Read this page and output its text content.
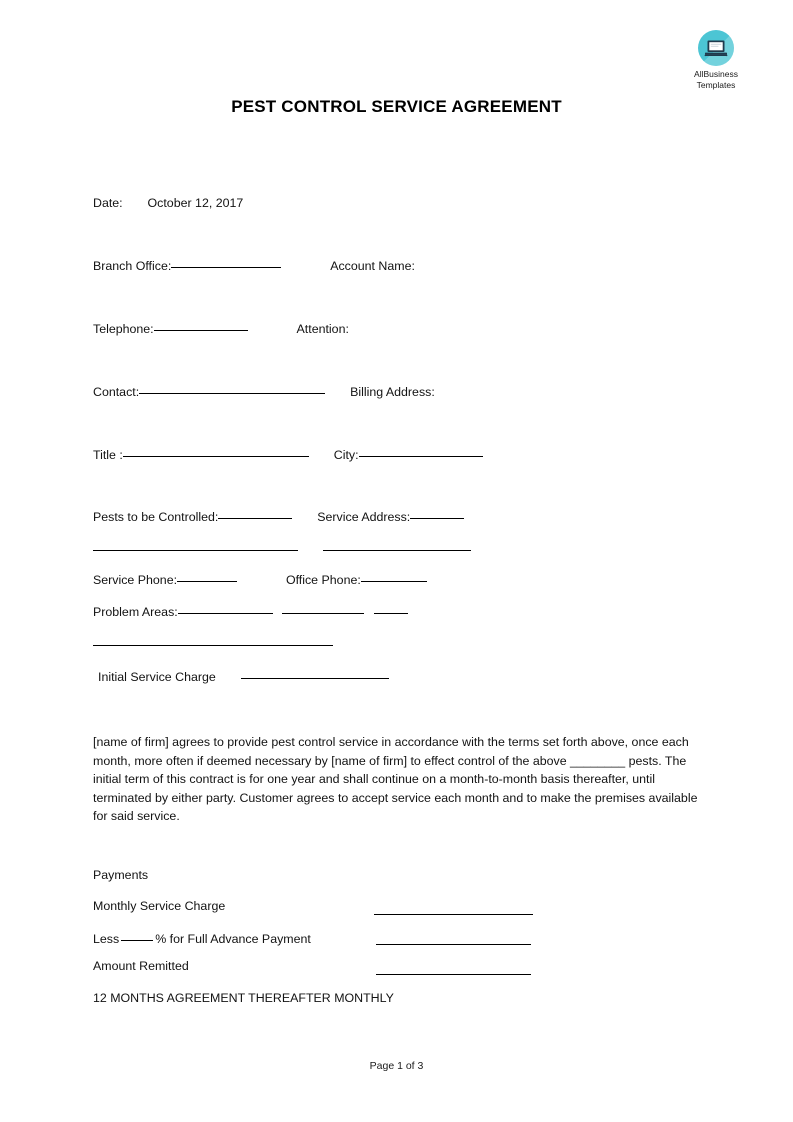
AllBusiness
Templates
PEST CONTROL SERVICE AGREEMENT
Date: October 12, 2017
Branch Office:	Account Name:
Telephone:	Attention:
Contact:	Billing Address:
Title :	City:
Pests to be Controlled:	Service Address:

Service Phone:	Office Phone:
Problem Areas:
Initial Service Charge
[name of firm] agrees to provide pest control service in accordance with the terms set forth above, once each month, more often if deemed necessary by [name of firm] to effect control of the above ________ pests. The initial term of this contract is for one year and shall continue on a month-to-month basis thereafter, until terminated by either party. Customer agrees to accept service each month and to make the premises available for said service.
Payments
Monthly Service Charge
Less	% for Full Advance Payment
Amount Remitted
12 MONTHS AGREEMENT THEREAFTER MONTHLY
Page 1 of 3
